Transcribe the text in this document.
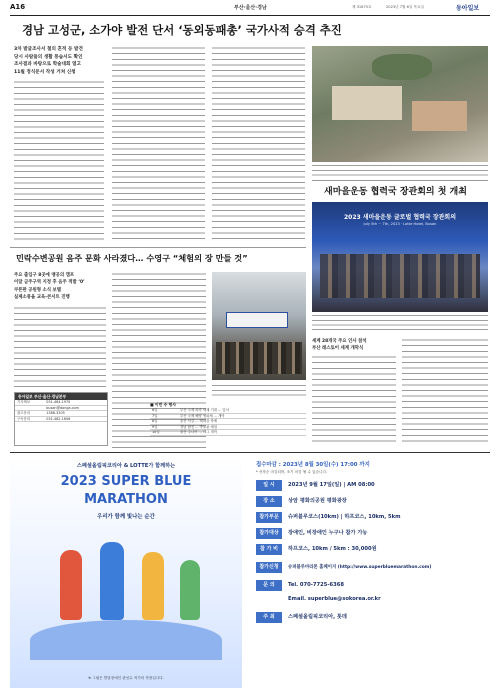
A16	부산·울산·경남	제 31675호	2023년 7월 6일 목요일	동아일보
경남 고성군, 소가야 발전 단서 ‘동외동패총’ 국가사적 승격 추진
3차 발굴조사서 철의 흔적 등 발견
당시 사람들의 생활 풍습서도 확인
조사결과 바탕으로 학술대회 열고
11월 정식문서 작성 거쳐 신청
새마을운동 협력국 장관회의 첫 개최
2023 새마을운동 글로벌 협력국 장관회의
July 5th ~ 7th, 2023 · Lotte Hotel, Busan
세계 28개국 주요 인사 참석
부산 레스토어 세계 개막식
민락수변공원 음주 문화 사라졌다… 수영구 “체험의 장 만들 것”
주요 출입구 8곳에 맹공의 캠프
이달 금주구역 지정 후 음주 적발 ‘0’
쿠폰판 공원형 소식 보텔
실제소통을 교육-콘서트 진행
동아일보 부산·울산·경남본부
기사제보	051-464-1970
	busan@donga.com
광고문의	1588-3305
구독문의	051-462-1606
■ 이번 주 행사
6일	부산 국제 파라 세계 기대 ... 앞서
7일	부산 국제 해양 영화제 ... 개막
8일	울산 서강 ... 태화강 축제
9일	경남 합천 ... 박물관 체험
10일	울산 주니어 ... 리그 개막
스페셜올림픽코리아 & LOTTE가 함께하는
2023 SUPER BLUE
MARATHON
우리가 함께 빛나는 순간
※ 그림은 발달장애인 관선수 작가의 작품입니다.
접수마감 : 2023년 8월 30일(수) 17:00 까지
* 선착순 마감되며, 조기 마감 될 수 있습니다.
일 시	2023년 9월 17일(일) | AM 08:00
장 소	상암 평화의공원 평화광장
참가부문	슈퍼블루코스(10km) | 하프코스, 10km, 5km
참가대상	장애인, 비장애인 누구나 참가 가능
참 가 비	하프코스, 10km / 5km : 30,000원
참가신청	슈퍼블루마라톤 홈페이지 (http://www.superbluemarathon.com)
문 의	Tel. 070-7725-6368
Email. superblue@sokorea.or.kr
주 최	스페셜올림픽코리아, 롯데
